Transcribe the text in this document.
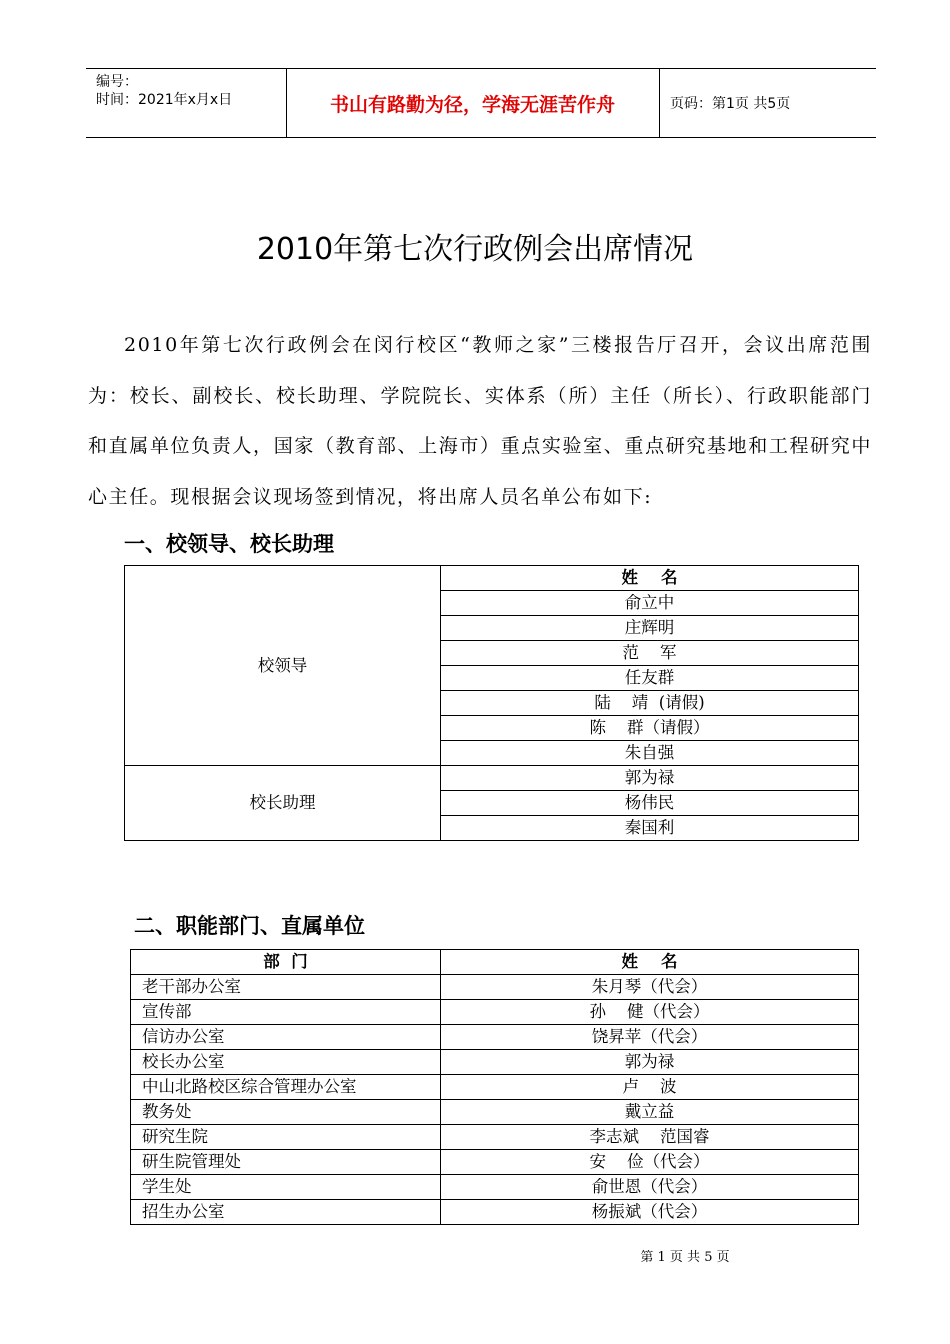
编号：
时间：2021年x月x日	书山有路勤为径，学海无涯苦作舟	页码：第1页 共5页
2010年第七次行政例会出席情况
2010年第七次行政例会在闵行校区“教师之家”三楼报告厅召开，会议出席范围为：校长、副校长、校长助理、学院院长、实体系（所）主任（所长）、行政职能部门和直属单位负责人，国家（教育部、上海市）重点实验室、重点研究基地和工程研究中心主任。现根据会议现场签到情况，将出席人员名单公布如下:
一、校领导、校长助理
校领导	姓    名
	俞立中
	庄辉明
	范    军
	任友群
	陆    靖  (请假)
	陈    群（请假）
	朱自强
校长助理	郭为禄
	杨伟民
	秦国利
二、职能部门、直属单位
部  门	姓    名
老干部办公室	朱月琴（代会）
宣传部	孙    健（代会）
信访办公室	饶昇苹（代会）
校长办公室	郭为禄
中山北路校区综合管理办公室	卢    波
教务处	戴立益
研究生院	李志斌    范国睿
研生院管理处	安    俭（代会）
学生处	俞世恩（代会）
招生办公室	杨振斌（代会）
第 1 页 共 5 页
